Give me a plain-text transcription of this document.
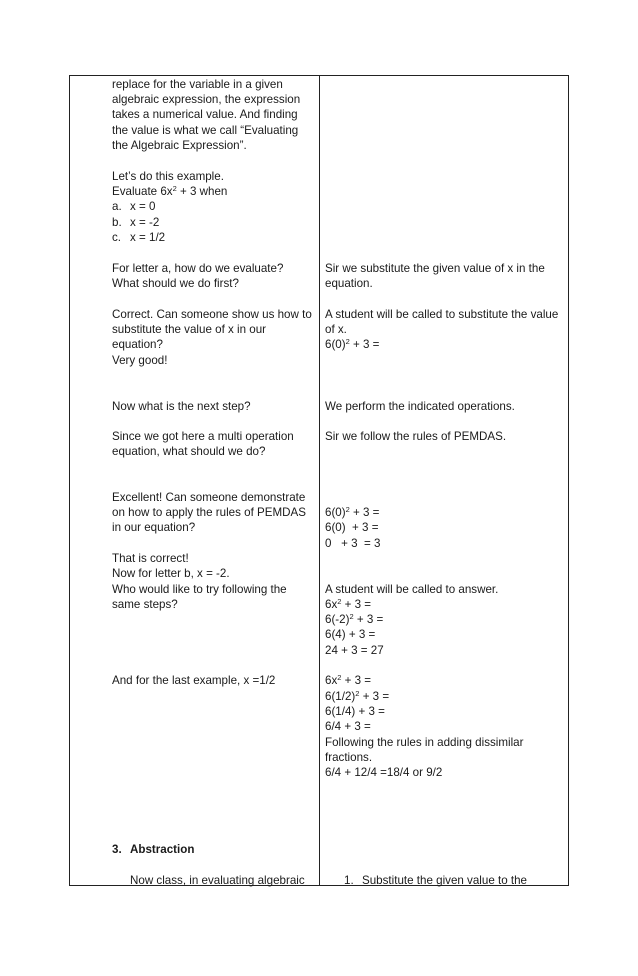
replace for the variable in a given
algebraic expression, the expression
takes a numerical value. And finding
the value is what we call “Evaluating
the Algebraic Expression”.
Let’s do this example.
Evaluate $6x^2 + 3$ when
a. x = 0
b. x = -2
c. x = 1/2
For letter a, how do we evaluate?
What should we do first?
Correct. Can someone show us how to
substitute the value of x in our
equation?
Very good!
Now what is the next step?
Since we got here a multi operation
equation, what should we do?
Excellent! Can someone demonstrate
on how to apply the rules of PEMDAS
in our equation?
That is correct!
Now for letter b, x = -2.
Who would like to try following the
same steps?
And for the last example, x =1/2
3. Abstraction
Now class, in evaluating algebraic
Sir we substitute the given value of x in the
equation.
A student will be called to substitute the value
of x.
$6(0)^2 + 3$ =
We perform the indicated operations.
Sir we follow the rules of PEMDAS.
$6(0)^2 + 3$ =
6(0)  + 3 =
0   + 3  = 3
A student will be called to answer.
$6x^2 + 3$ =
$6(-2)^2 + 3$ =
6(4) + 3 =
24 + 3 = 27
$6x^2 + 3$ =
$6(1/2)^2 + 3$ =
6(1/4) + 3 =
6/4 + 3 =
Following the rules in adding dissimilar
fractions.
6/4 + 12/4 =18/4 or 9/2
1. Substitute the given value to the
